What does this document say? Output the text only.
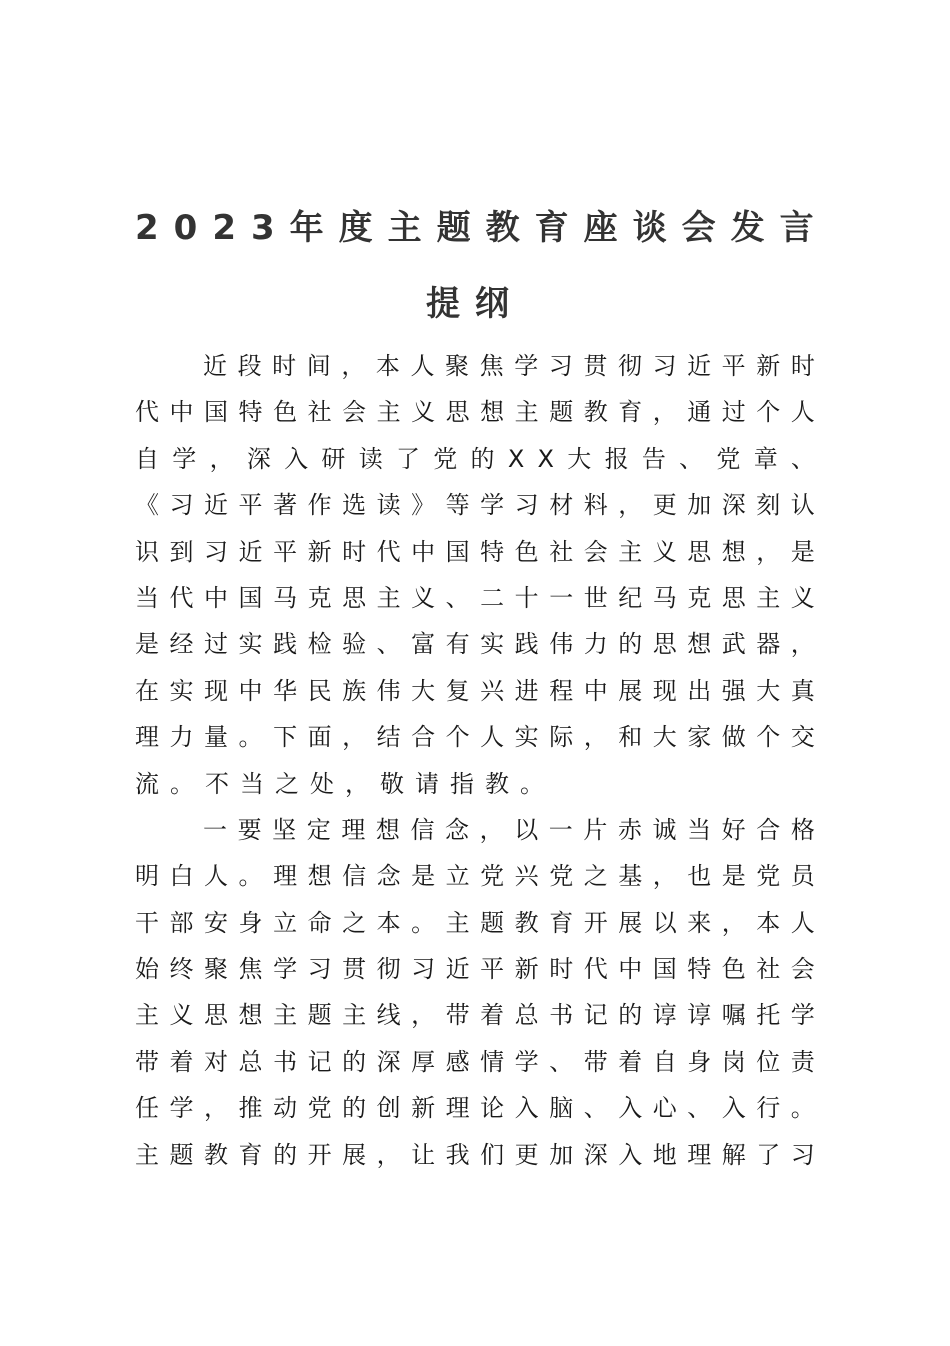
2023年度主题教育座谈会发言
提纲
近 段 时 间 ， 本 人 聚 焦 学 习 贯 彻 习 近 平 新 时
代 中 国 特 色 社 会 主 义 思 想 主 题 教 育 ， 通 过 个 人
自 学 ， 深 入 研 读 了 党 的 X X 大 报 告 、 党 章 、
《 习 近 平 著 作 选 读 》 等 学 习 材 料 ， 更 加 深 刻 认
识 到 习 近 平 新 时 代 中 国 特 色 社 会 主 义 思 想 ， 是
当 代 中 国 马 克 思 主 义 、 二 十 一 世 纪 马 克 思 主 义
是 经 过 实 践 检 验 、 富 有 实 践 伟 力 的 思 想 武 器 ，
在 实 现 中 华 民 族 伟 大 复 兴 进 程 中 展 现 出 强 大 真
理 力 量 。 下 面 ， 结 合 个 人 实 际 ， 和 大 家 做 个 交
流。不当之处，敬请指教。
一 要 坚 定 理 想 信 念 ， 以 一 片 赤 诚 当 好 合 格
明 白 人 。 理 想 信 念 是 立 党 兴 党 之 基 ， 也 是 党 员
干 部 安 身 立 命 之 本 。 主 题 教 育 开 展 以 来 ， 本 人
始 终 聚 焦 学 习 贯 彻 习 近 平 新 时 代 中 国 特 色 社 会
主 义 思 想 主 题 主 线 ， 带 着 总 书 记 的 谆 谆 嘱 托 学
带 着 对 总 书 记 的 深 厚 感 情 学 、 带 着 自 身 岗 位 责
任 学 ， 推 动 党 的 创 新 理 论 入 脑 、 入 心 、 入 行 。
主 题 教 育 的 开 展 ， 让 我 们 更 加 深 入 地 理 解 了 习
